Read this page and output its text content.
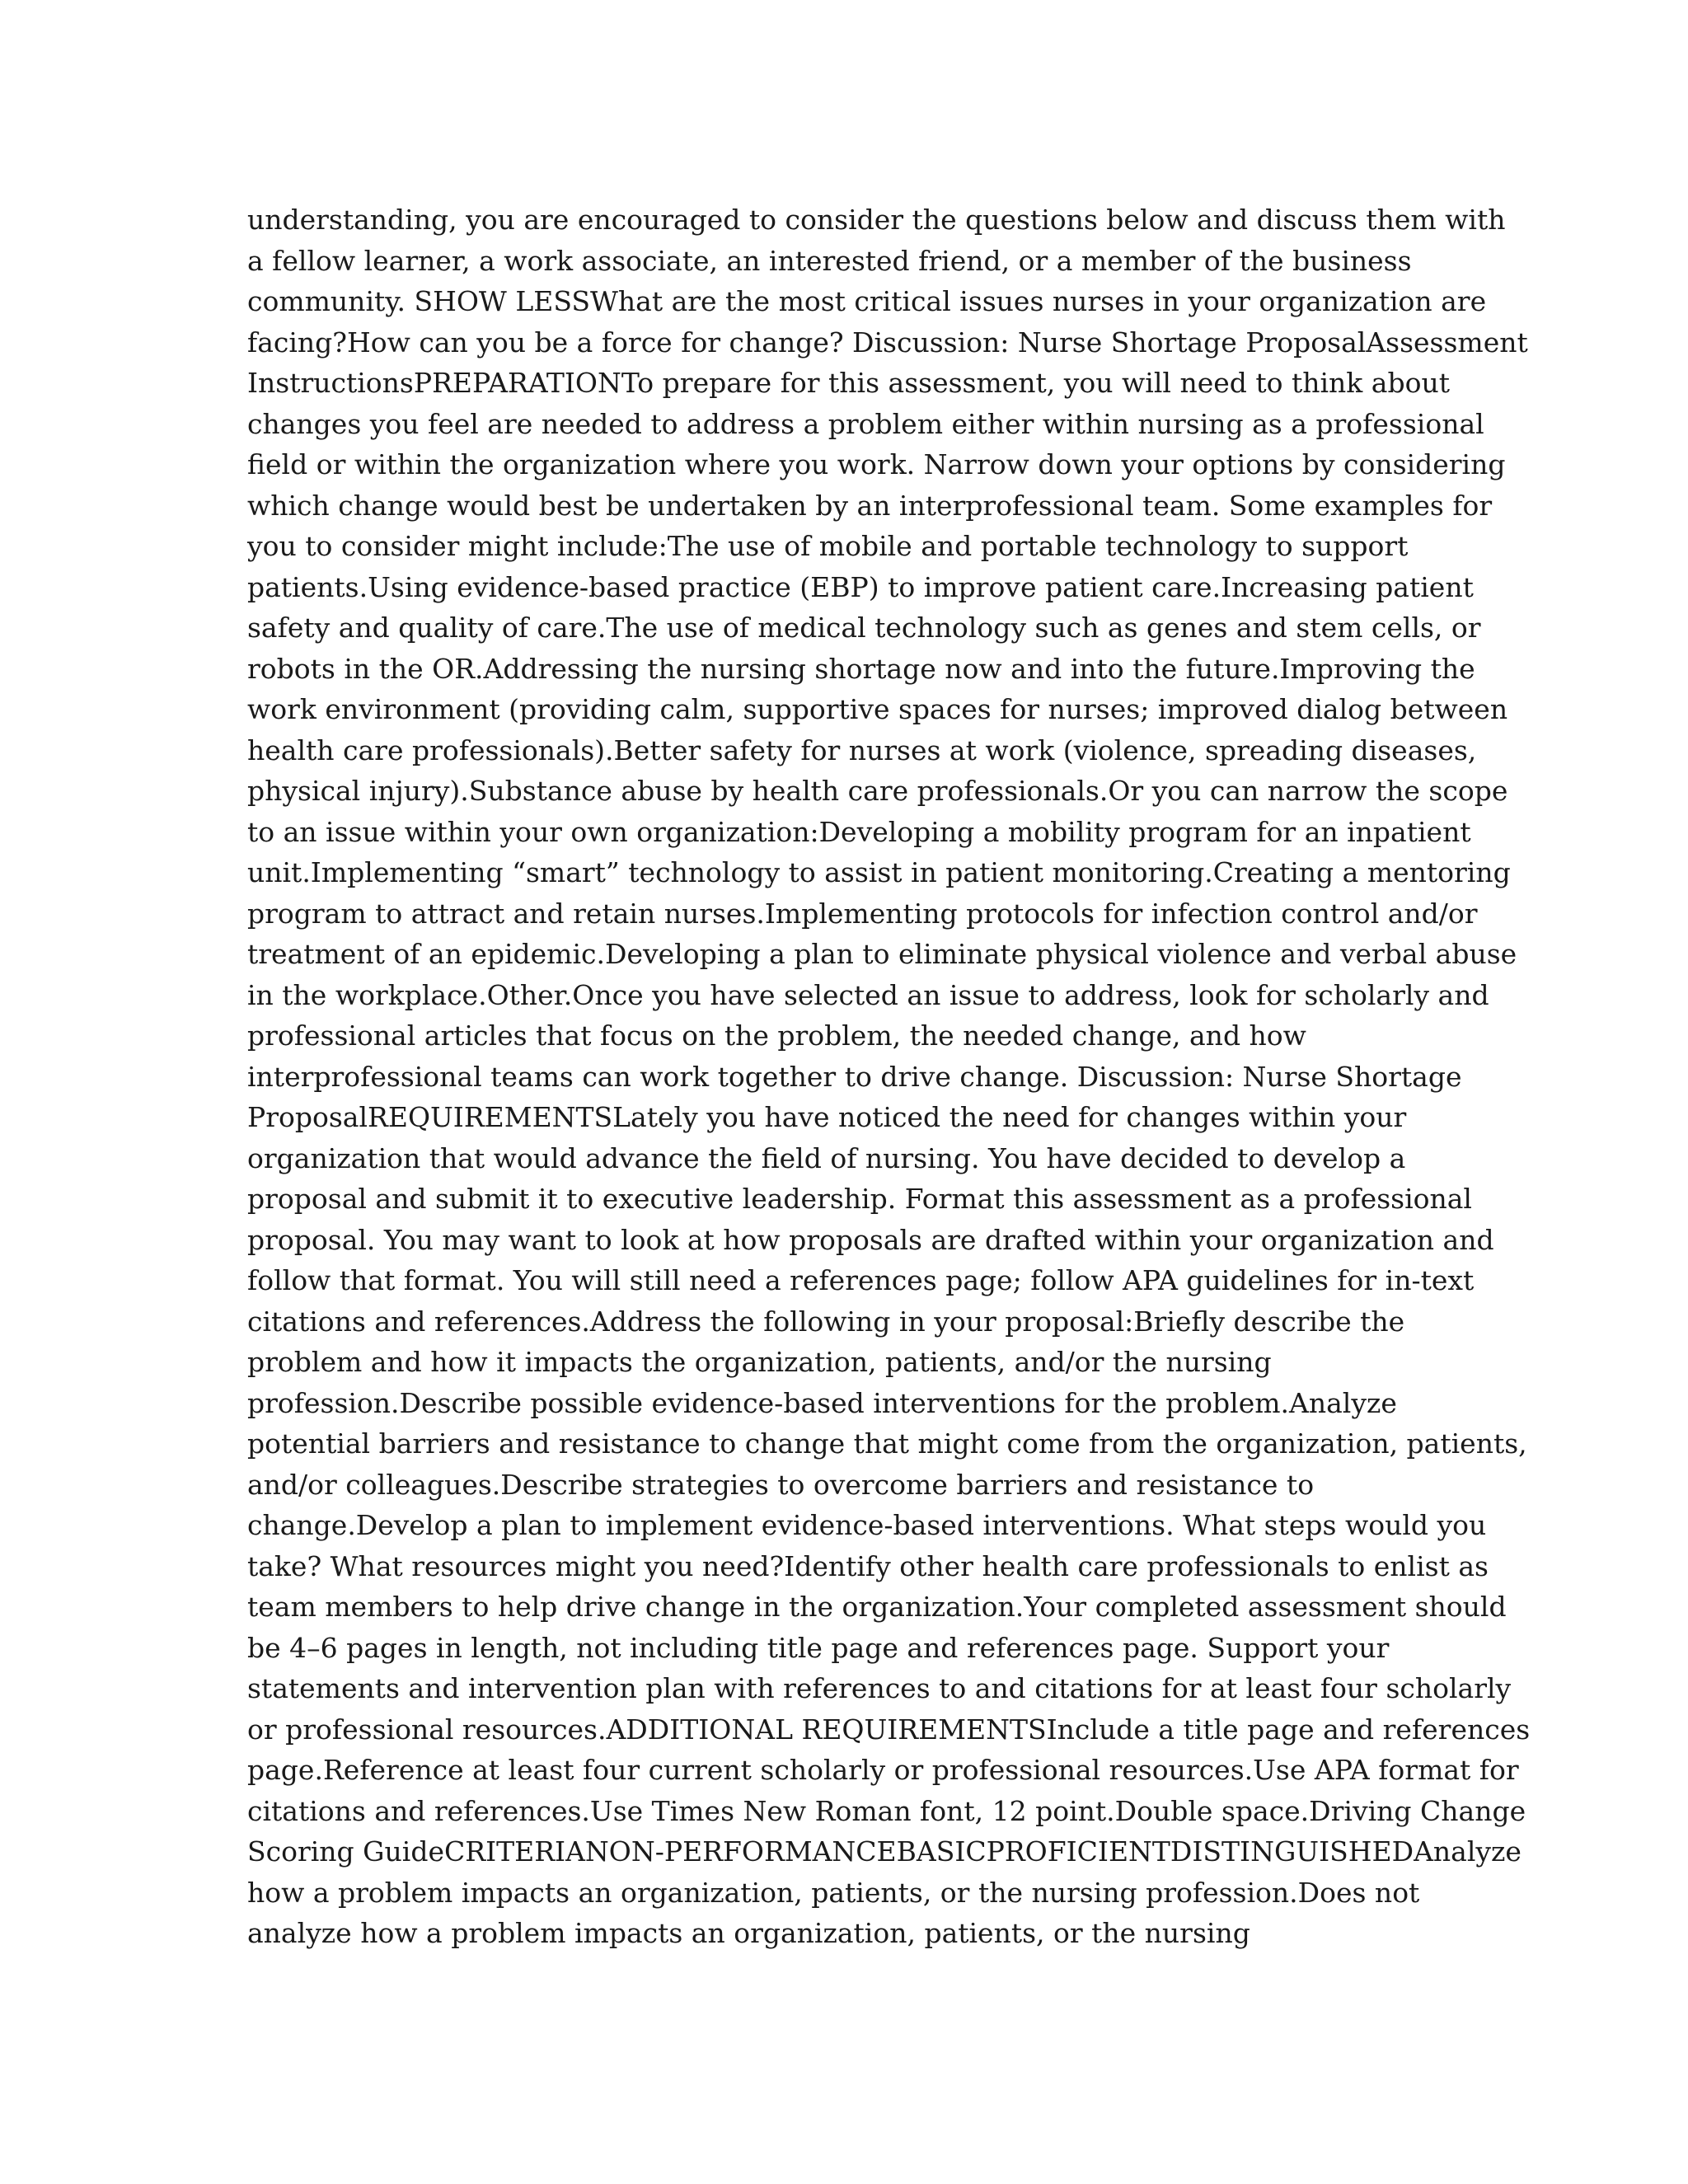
understanding, you are encouraged to consider the questions below and discuss them with
a fellow learner, a work associate, an interested friend, or a member of the business
community. SHOW LESSWhat are the most critical issues nurses in your organization are
facing?How can you be a force for change? Discussion: Nurse Shortage ProposalAssessment
InstructionsPREPARATIONTo prepare for this assessment, you will need to think about
changes you feel are needed to address a problem either within nursing as a professional
field or within the organization where you work. Narrow down your options by considering
which change would best be undertaken by an interprofessional team. Some examples for
you to consider might include:The use of mobile and portable technology to support
patients.Using evidence-based practice (EBP) to improve patient care.Increasing patient
safety and quality of care.The use of medical technology such as genes and stem cells, or
robots in the OR.Addressing the nursing shortage now and into the future.Improving the
work environment (providing calm, supportive spaces for nurses; improved dialog between
health care professionals).Better safety for nurses at work (violence, spreading diseases,
physical injury).Substance abuse by health care professionals.Or you can narrow the scope
to an issue within your own organization:Developing a mobility program for an inpatient
unit.Implementing “smart” technology to assist in patient monitoring.Creating a mentoring
program to attract and retain nurses.Implementing protocols for infection control and/or
treatment of an epidemic.Developing a plan to eliminate physical violence and verbal abuse
in the workplace.Other.Once you have selected an issue to address, look for scholarly and
professional articles that focus on the problem, the needed change, and how
interprofessional teams can work together to drive change. Discussion: Nurse Shortage
ProposalREQUIREMENTSLately you have noticed the need for changes within your
organization that would advance the field of nursing. You have decided to develop a
proposal and submit it to executive leadership. Format this assessment as a professional
proposal. You may want to look at how proposals are drafted within your organization and
follow that format. You will still need a references page; follow APA guidelines for in-text
citations and references.Address the following in your proposal:Briefly describe the
problem and how it impacts the organization, patients, and/or the nursing
profession.Describe possible evidence-based interventions for the problem.Analyze
potential barriers and resistance to change that might come from the organization, patients,
and/or colleagues.Describe strategies to overcome barriers and resistance to
change.Develop a plan to implement evidence-based interventions. What steps would you
take? What resources might you need?Identify other health care professionals to enlist as
team members to help drive change in the organization.Your completed assessment should
be 4–6 pages in length, not including title page and references page. Support your
statements and intervention plan with references to and citations for at least four scholarly
or professional resources.ADDITIONAL REQUIREMENTSInclude a title page and references
page.Reference at least four current scholarly or professional resources.Use APA format for
citations and references.Use Times New Roman font, 12 point.Double space.Driving Change
Scoring GuideCRITERIANON-PERFORMANCEBASICPROFICIENTDISTINGUISHEDAnalyze
how a problem impacts an organization, patients, or the nursing profession.Does not
analyze how a problem impacts an organization, patients, or the nursing
